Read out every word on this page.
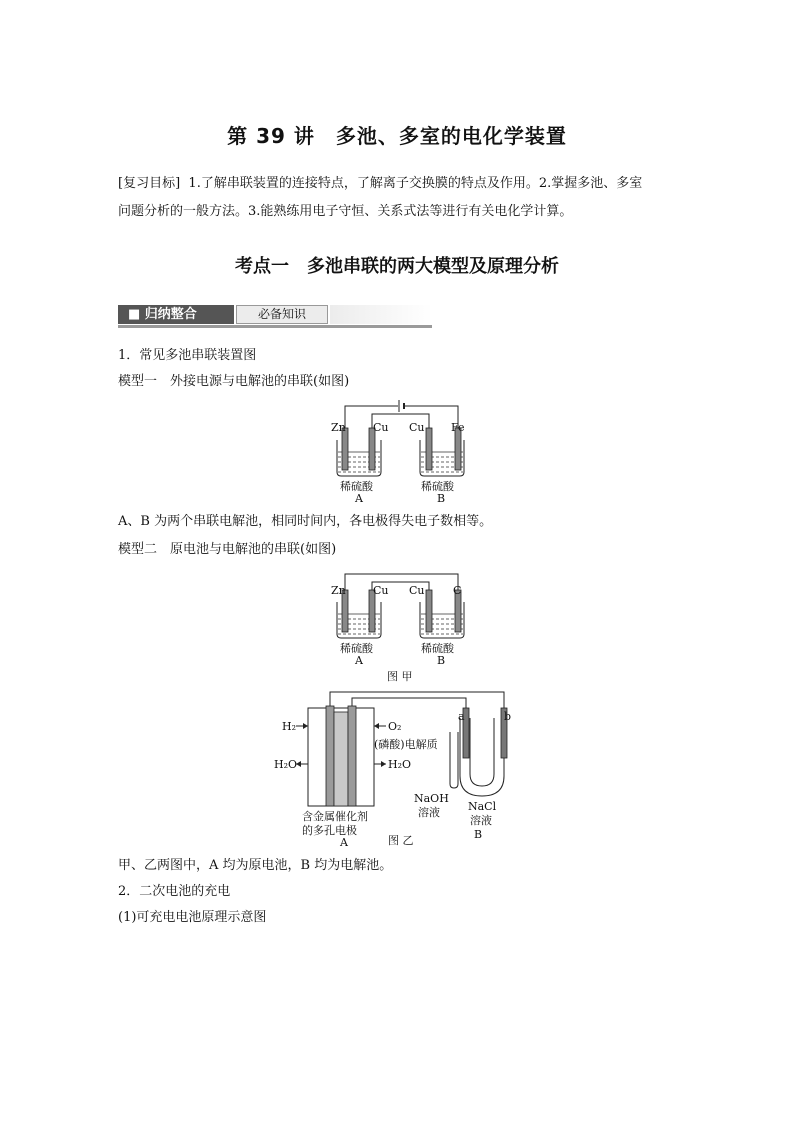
第 39 讲　多池、多室的电化学装置
[复习目标] 1.了解串联装置的连接特点，了解离子交换膜的特点及作用。2.掌握多池、多室
问题分析的一般方法。3.能熟练用电子守恒、关系式法等进行有关电化学计算。
考点一　多池串联的两大模型及原理分析
■ 归纳整合	必备知识
1．常见多池串联装置图
模型一　外接电源与电解池的串联(如图)
Zn Cu Cu Fe
稀硫酸
A
稀硫酸
B
A、B 为两个串联电解池，相同时间内，各电极得失电子数相等。
模型二　原电池与电解池的串联(如图)
Zn Cu Cu	C
稀硫酸
A
稀硫酸
B
图 甲
H₂	O₂
H₂O	H₂O
(磷酸)电解质
含金属催化剂
的多孔电极
A
a	b
NaOH
溶液	NaCl
溶液
B
图 乙
甲、乙两图中，A 均为原电池，B 均为电解池。
2．二次电池的充电
(1)可充电电池原理示意图
